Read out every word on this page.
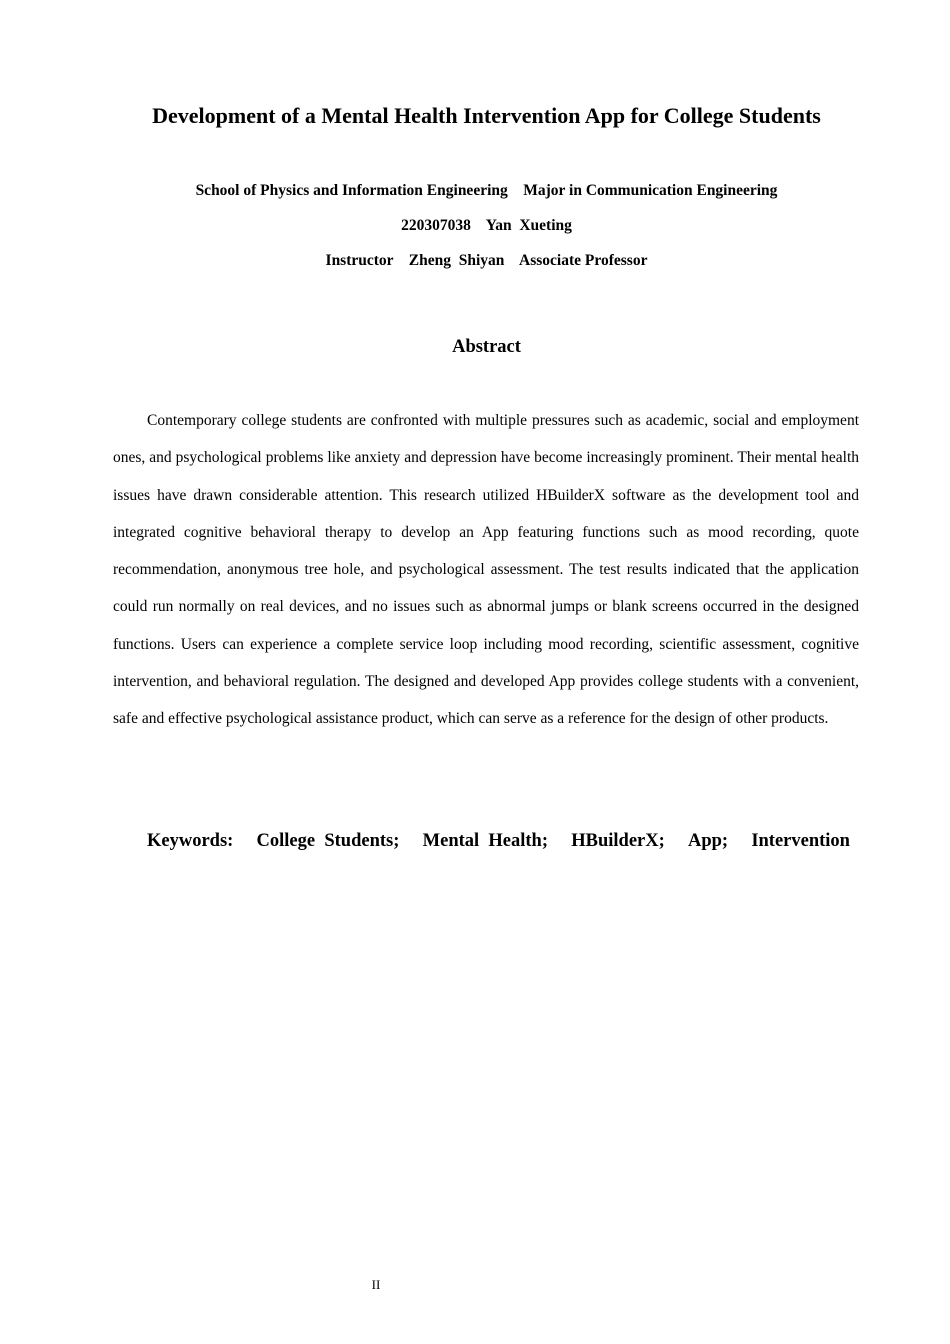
Development of a Mental Health Intervention App for College Students
School of Physics and Information Engineering    Major in Communication Engineering
220307038    Yan  Xueting
Instructor    Zheng  Shiyan    Associate Professor
Abstract

Contemporary college students are confronted with multiple pressures such as academic, social and employment ones, and psychological problems like anxiety and depression have become increasingly prominent. Their mental health issues have drawn considerable attention. This research utilized HBuilderX software as the development tool and integrated cognitive behavioral therapy to develop an App featuring functions such as mood recording, quote recommendation, anonymous tree hole, and psychological assessment. The test results indicated that the application could run normally on real devices, and no issues such as abnormal jumps or blank screens occurred in the designed functions. Users can experience a complete service loop including mood recording, scientific assessment, cognitive intervention, and behavioral regulation. The designed and developed App provides college students with a convenient, safe and effective psychological assistance product, which can serve as a reference for the design of other products.

Keywords: College  Students; Mental  Health; HBuilderX; App; Intervention
II
